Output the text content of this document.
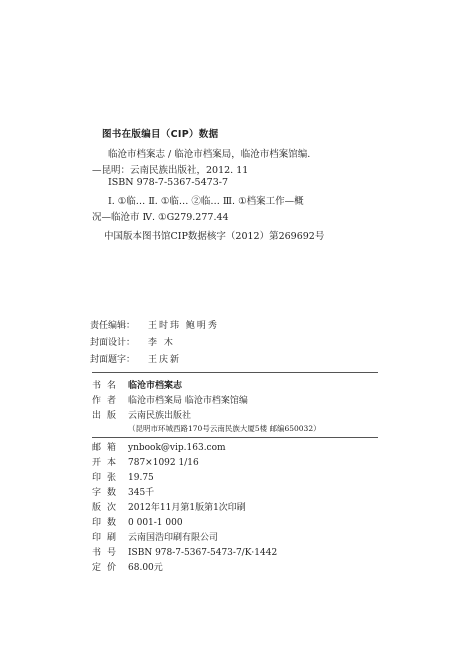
图书在版编目（CIP）数据
临沧市档案志 / 临沧市档案局，临沧市档案馆编.
—昆明：云南民族出版社，2012. 11
ISBN 978-7-5367-5473-7
Ⅰ. ①临… Ⅱ. ①临… ②临… Ⅲ. ①档案工作—概
况—临沧市 Ⅳ. ①G279.277.44
中国版本图书馆CIP数据核字（2012）第269692号
责任编辑： 王时玮 鲍明秀
封面设计： 李 木
封面题字： 王庆新
书名 临沧市档案志
作者 临沧市档案局 临沧市档案馆编
出版 云南民族出版社
（昆明市环城西路170号云南民族大厦5楼 邮编650032）
邮箱 ynbook@vip.163.com
开本 787×1092 1/16
印张 19.75
字数 345千
版次 2012年11月第1版第1次印刷
印数 0 001-1 000
印刷 云南国浩印刷有限公司
书号 ISBN 978-7-5367-5473-7/K·1442
定价 68.00元
